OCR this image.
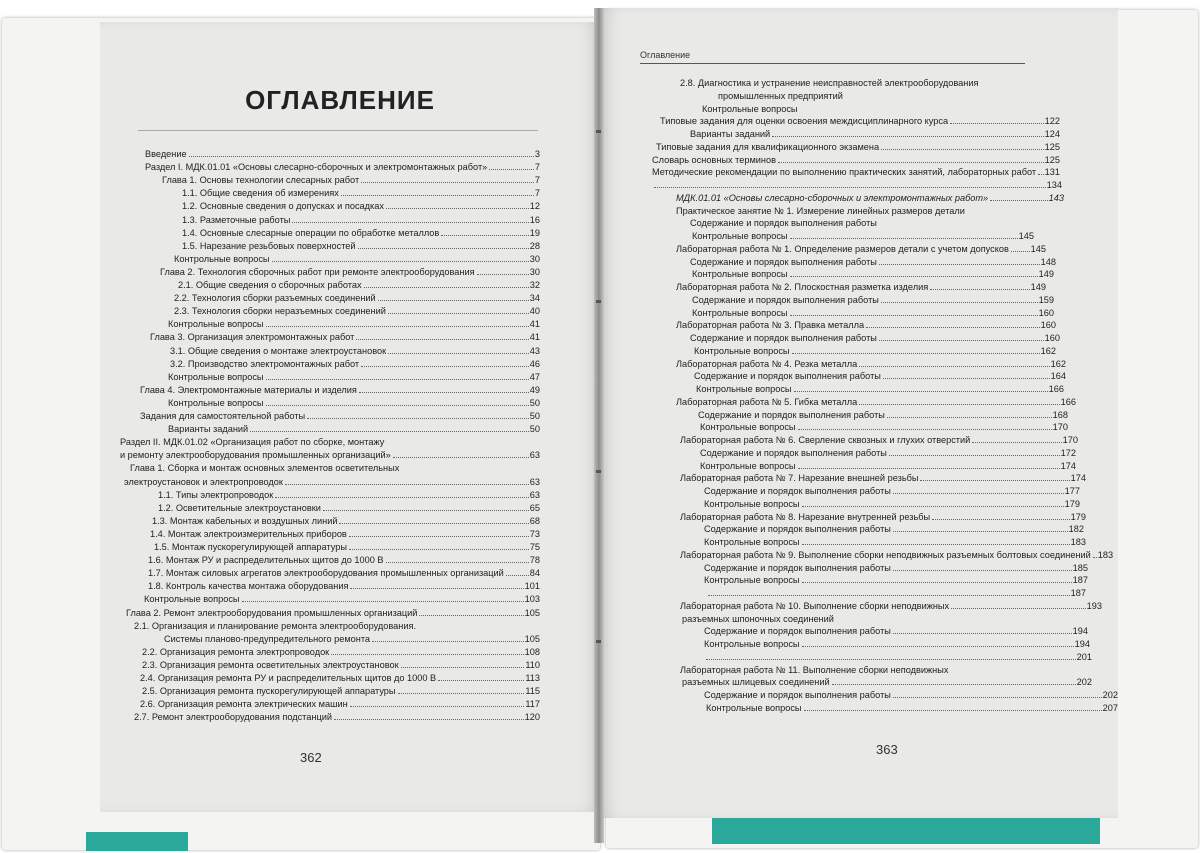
ОГЛАВЛЕНИЕ
Оглавление
Введение	3
Раздел I. МДК.01.01 «Основы слесарно-сборочных и электромонтажных работ»	7
Глава 1. Основы технологии слесарных работ	7
1.1. Общие сведения об измерениях	7
1.2. Основные сведения о допусках и посадках	12
1.3. Разметочные работы	16
1.4. Основные слесарные операции по обработке металлов	19
1.5. Нарезание резьбовых поверхностей	28
Контрольные вопросы	30
Глава 2. Технология сборочных работ при ремонте электрооборудования	30
2.1. Общие сведения о сборочных работах	32
2.2. Технология сборки разъемных соединений	34
2.3. Технология сборки неразъемных соединений	40
Контрольные вопросы	41
Глава 3. Организация электромонтажных работ	41
3.1. Общие сведения о монтаже электроустановок	43
3.2. Производство электромонтажных работ	46
Контрольные вопросы	47
Глава 4. Электромонтажные материалы и изделия	49
Контрольные вопросы	50
Задания для самостоятельной работы	50
Варианты заданий	50
Раздел II. МДК.01.02 «Организация работ по сборке, монтажу
и ремонту электрооборудования промышленных организаций»	63
Глава 1. Сборка и монтаж основных элементов осветительных
электроустановок и электропроводок	63
1.1. Типы электропроводок	63
1.2. Осветительные электроустановки	65
1.3. Монтаж кабельных и воздушных линий	68
1.4. Монтаж электроизмерительных приборов	73
1.5. Монтаж пускорегулирующей аппаратуры	75
1.6. Монтаж РУ и распределительных щитов до 1000 В	78
1.7. Монтаж силовых агрегатов электрооборудования промышленных организаций	84
1.8. Контроль качества монтажа оборудования	101
Контрольные вопросы	103
Глава 2. Ремонт электрооборудования промышленных организаций	105
2.1. Организация и планирование ремонта электрооборудования.
Системы планово-предупредительного ремонта	105
2.2. Организация ремонта электропроводок	108
2.3. Организация ремонта осветительных электроустановок	110
2.4. Организация ремонта РУ и распределительных щитов до 1000 В	113
2.5. Организация ремонта пускорегулирующей аппаратуры	115
2.6. Организация ремонта электрических машин	117
2.7. Ремонт электрооборудования подстанций	120
2.8. Диагностика и устранение неисправностей электрооборудования
промышленных предприятий
Контрольные вопросы
Типовые задания для оценки освоения междисциплинарного курса	122
Варианты заданий	124
Типовые задания для квалификационного экзамена	125
Словарь основных терминов	125
Методические рекомендации по выполнению практических занятий, лабораторных работ 131
134
МДК.01.01 «Основы слесарно-сборочных и электромонтажных работ»	143
Практическое занятие № 1. Измерение линейных размеров детали
Содержание и порядок выполнения работы
Контрольные вопросы	145
Лабораторная работа № 1. Определение размеров детали с учетом допусков 145
Содержание и порядок выполнения работы	148
Контрольные вопросы	149
Лабораторная работа № 2. Плоскостная разметка изделия	149
Содержание и порядок выполнения работы	159
Контрольные вопросы	160
Лабораторная работа № 3. Правка металла	160
Содержание и порядок выполнения работы	160
Контрольные вопросы	162
Лабораторная работа № 4. Резка металла	162
Содержание и порядок выполнения работы	164
Контрольные вопросы	166
Лабораторная работа № 5. Гибка металла	166
Содержание и порядок выполнения работы	168
Контрольные вопросы	170
Лабораторная работа № 6. Сверление сквозных и глухих отверстий	170
Содержание и порядок выполнения работы	172
Контрольные вопросы	174
Лабораторная работа № 7. Нарезание внешней резьбы	174
Содержание и порядок выполнения работы	177
Контрольные вопросы	179
Лабораторная работа № 8. Нарезание внутренней резьбы	179
Содержание и порядок выполнения работы	182
Контрольные вопросы	183
Лабораторная работа № 9. Выполнение сборки неподвижных разъемных болтовых соединений 183
Содержание и порядок выполнения работы	185
Контрольные вопросы	187
187
Лабораторная работа № 10. Выполнение сборки неподвижных	193
разъемных шпоночных соединений
Содержание и порядок выполнения работы	194
Контрольные вопросы	194
201
Лабораторная работа № 11. Выполнение сборки неподвижных
разъемных шлицевых соединений	202
Содержание и порядок выполнения работы	202
Контрольные вопросы	207
362
363
